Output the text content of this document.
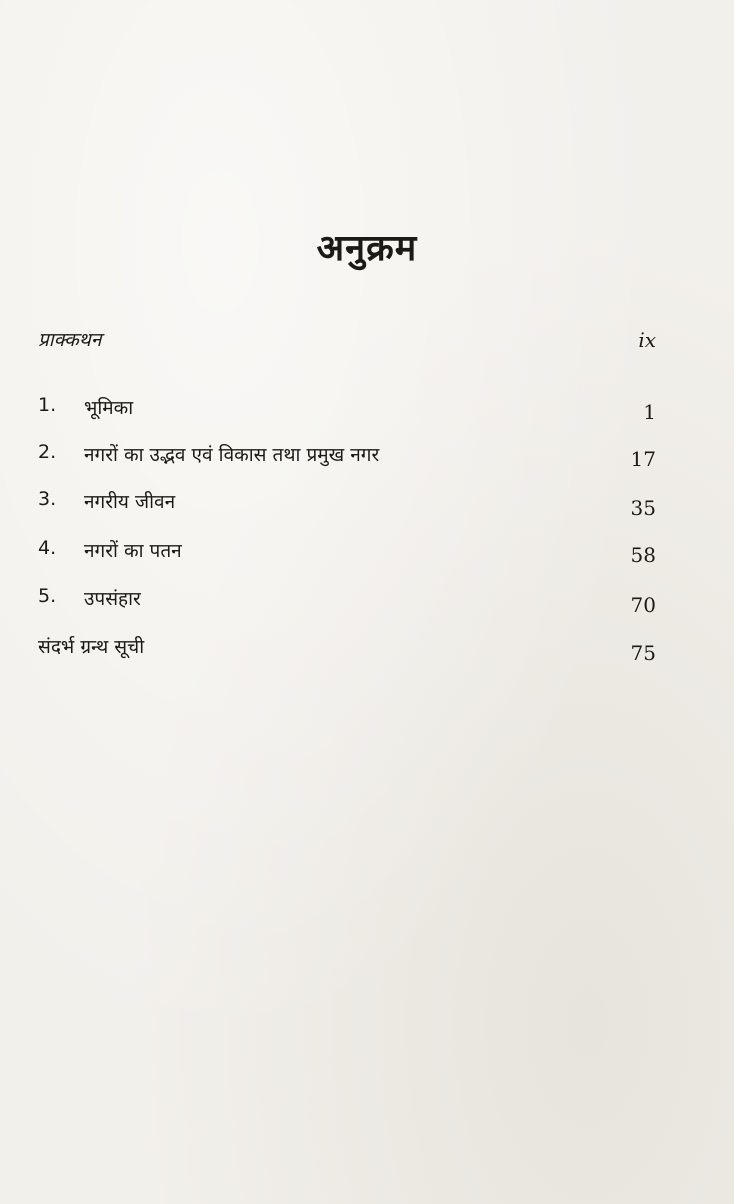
अनुक्रम
प्राक्कथन	ix
1. भूमिका	1
2. नगरों का उद्भव एवं विकास तथा प्रमुख नगर	17
3. नगरीय जीवन	35
4. नगरों का पतन	58
5. उपसंहार	70
संदर्भ ग्रन्थ सूची	75
